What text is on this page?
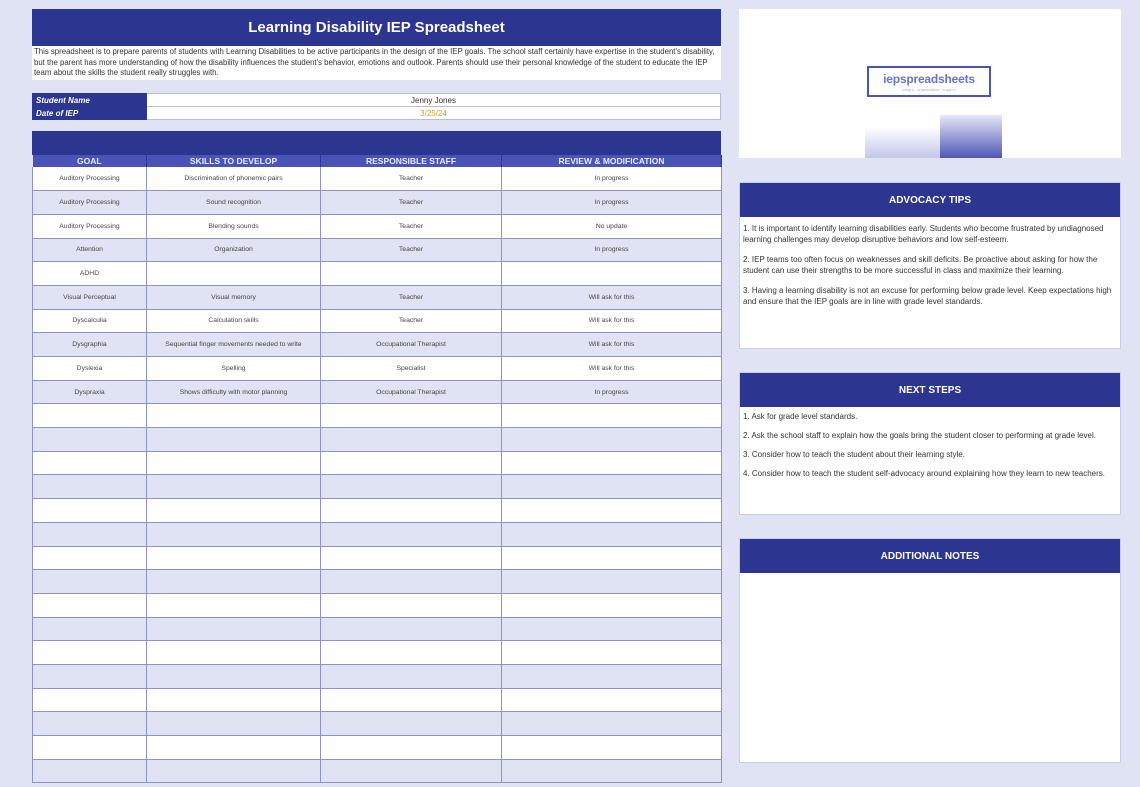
Learning Disability IEP Spreadsheet
This spreadsheet is to prepare parents of students with Learning Disabilities to be active participants in the design of the IEP goals. The school staff certainly have expertise in the student's disability, but the parent has more understanding of how the disability influences the student's behavior, emotions and outlook. Parents should use their personal knowledge of the student to educate the IEP team about the skills the student really struggles with.
Student Name	Jenny Jones
Date of IEP	3/25/24
GOAL	SKILLS TO DEVELOP	RESPONSIBLE STAFF	REVIEW & MODIFICATION
Auditory Processing	Discrimination of phonemic pairs	Teacher	In progress
Auditory Processing	Sound recognition	Teacher	In progress
Auditory Processing	Blending sounds	Teacher	No update
Attention	Organization	Teacher	In progress
ADHD			
Visual Perceptual	Visual memory	Teacher	Will ask for this
Dyscalculia	Calculation skills	Teacher	Will ask for this
Dysgraphia	Sequential finger movements needed to write	Occupational Therapist	Will ask for this
Dyslexia	Spelling	Specialist	Will ask for this
Dyspraxia	Shows difficulty with motor planning	Occupational Therapist	In progress

iepspreadsheets
insight · organization · support
ADVOCACY TIPS

1. It is important to identify learning disabilities early. Students who become frustrated by undiagnosed learning challenges may develop disruptive behaviors and low self-esteem.

2. IEP teams too often focus on weaknesses and skill deficits. Be proactive about asking for how the student can use their strengths to be more successful in class and maximize their learning.

3. Having a learning disability is not an excuse for performing below grade level. Keep expectations high and ensure that the IEP goals are in line with grade level standards.

NEXT STEPS

1. Ask for grade level standards.

2. Ask the school staff to explain how the goals bring the student closer to performing at grade level.

3. Consider how to teach the student about their learning style.

4. Consider how to teach the student self-advocacy around explaining how they learn to new teachers.

ADDITIONAL NOTES
